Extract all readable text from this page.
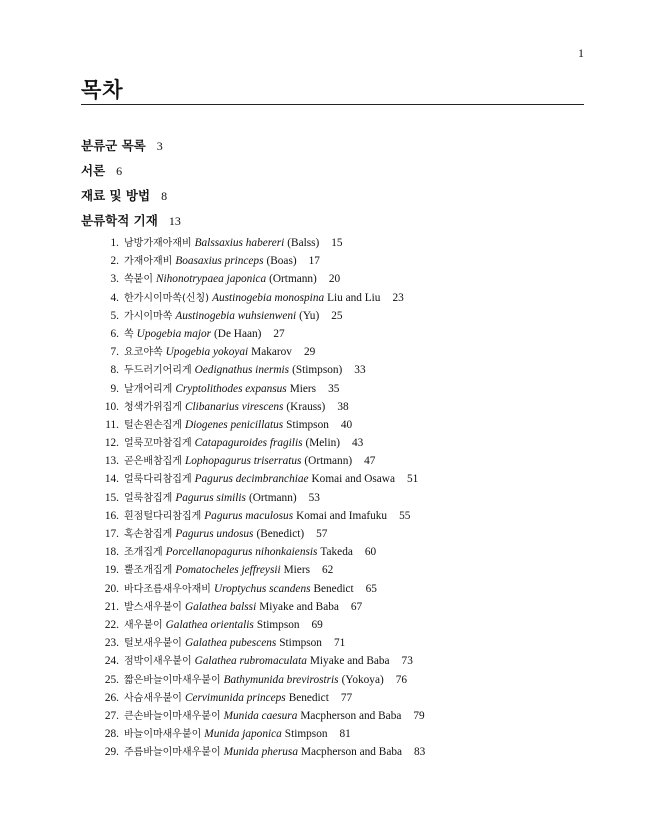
1
목차
분류군 목록 3
서론 6
재료 및 방법 8
분류학적 기재 13
1. 남방가재아재비 Balssaxius habereri (Balss) 15
2. 가재아재비 Boasaxius princeps (Boas) 17
3. 쏙붙이 Nihonotrypaea japonica (Ortmann) 20
4. 한가시이마쏙(신칭) Austinogebia monospina Liu and Liu 23
5. 가시이마쏙 Austinogebia wuhsienweni (Yu) 25
6. 쏙 Upogebia major (De Haan) 27
7. 요코야쏙 Upogebia yokoyai Makarov 29
8. 두드러기어리게 Oedignathus inermis (Stimpson) 33
9. 날개어리게 Cryptolithodes expansus Miers 35
10. 청색가위집게 Clibanarius virescens (Krauss) 38
11. 털손왼손집게 Diogenes penicillatus Stimpson 40
12. 얼룩꼬마참집게 Catapaguroides fragilis (Melin) 43
13. 곧은배참집게 Lophopagurus triserratus (Ortmann) 47
14. 얼룩다리참집게 Pagurus decimbranchiae Komai and Osawa 51
15. 얼룩참집게 Pagurus similis (Ortmann) 53
16. 흰점털다리참집게 Pagurus maculosus Komai and Imafuku 55
17. 혹손참집게 Pagurus undosus (Benedict) 57
18. 조개집게 Porcellanopagurus nihonkaiensis Takeda 60
19. 뿔조개집게 Pomatocheles jeffreysii Miers 62
20. 바다조름새우아재비 Uroptychus scandens Benedict 65
21. 발스새우붙이 Galathea balssi Miyake and Baba 67
22. 새우붙이 Galathea orientalis Stimpson 69
23. 털보새우붙이 Galathea pubescens Stimpson 71
24. 점박이새우붙이 Galathea rubromaculata Miyake and Baba 73
25. 짧은바늘이마새우붙이 Bathymunida brevirostris (Yokoya) 76
26. 사슴새우붙이 Cervimunida princeps Benedict 77
27. 큰손바늘이마새우붙이 Munida caesura Macpherson and Baba 79
28. 바늘이마새우붙이 Munida japonica Stimpson 81
29. 주름바늘이마새우붙이 Munida pherusa Macpherson and Baba 83
